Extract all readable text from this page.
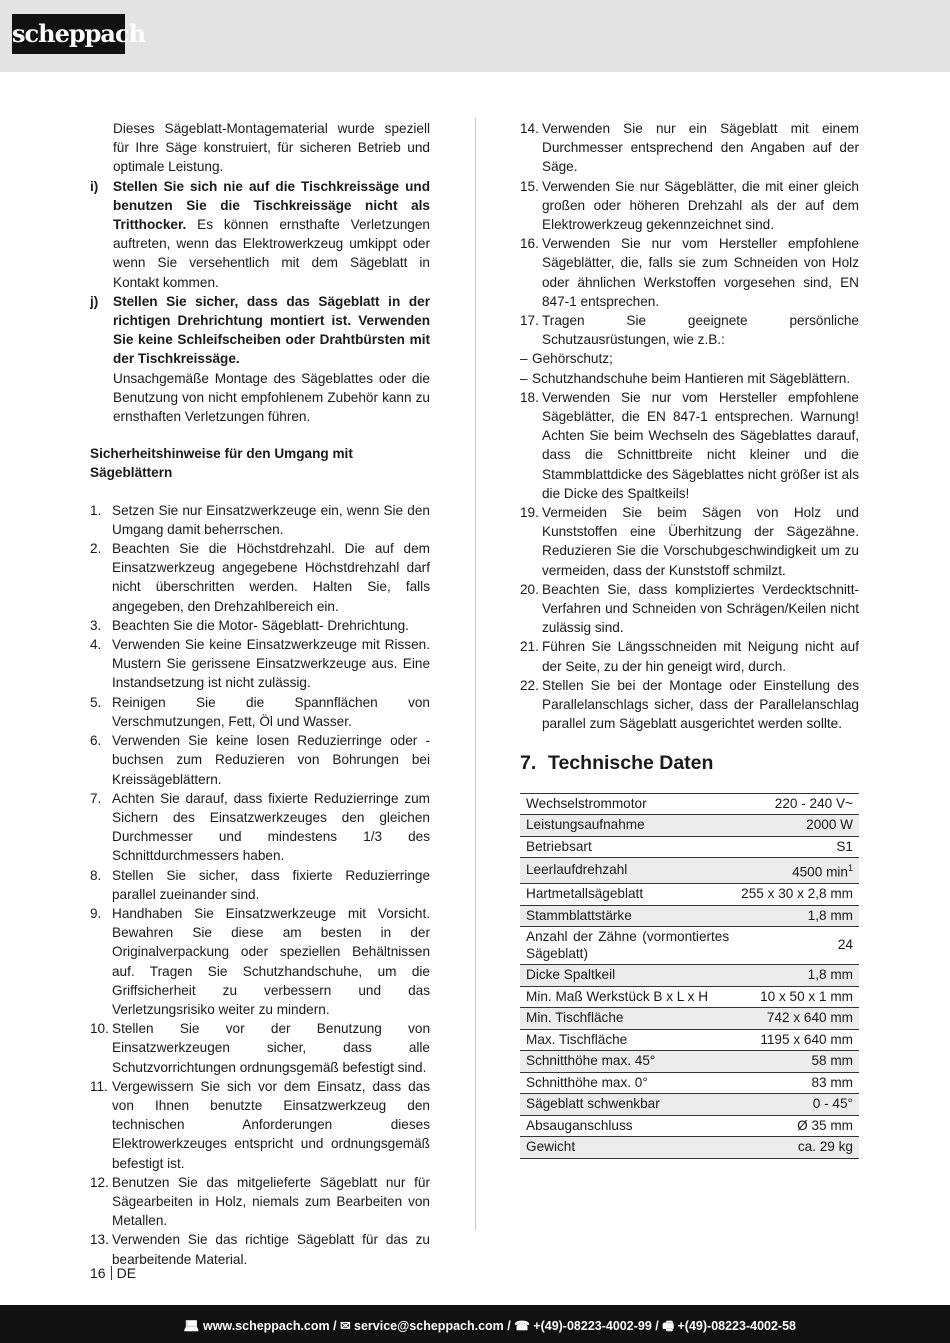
scheppach

Dieses Sägeblatt-Montagematerial wurde speziell für Ihre Säge konstruiert, für sicheren Betrieb und optimale Leistung.

i)	Stellen Sie sich nie auf die Tischkreissäge und benutzen Sie die Tischkreissäge nicht als Tritthocker. Es können ernsthafte Verletzungen auftreten, wenn das Elektrowerkzeug umkippt oder wenn Sie versehentlich mit dem Sägeblatt in Kontakt kommen.
j)	Stellen Sie sicher, dass das Sägeblatt in der richtigen Drehrichtung montiert ist. Verwenden Sie keine Schleifscheiben oder Drahtbürsten mit der Tischkreissäge.

Unsachgemäße Montage des Sägeblattes oder die Benutzung von nicht empfohlenem Zubehör kann zu ernsthaften Verletzungen führen.

Sicherheitshinweise für den Umgang mit Sägeblättern
1. Setzen Sie nur Einsatzwerkzeuge ein, wenn Sie den Umgang damit beherrschen.
2. Beachten Sie die Höchstdrehzahl. Die auf dem Einsatzwerkzeug angegebene Höchstdrehzahl darf nicht überschritten werden. Halten Sie, falls angegeben, den Drehzahlbereich ein.
3. Beachten Sie die Motor- Sägeblatt- Drehrichtung.
4. Verwenden Sie keine Einsatzwerkzeuge mit Rissen. Mustern Sie gerissene Einsatzwerkzeuge aus. Eine Instandsetzung ist nicht zulässig.
5. Reinigen Sie die Spannflächen von Verschmutzungen, Fett, Öl und Wasser.
6. Verwenden Sie keine losen Reduzierringe oder -buchsen zum Reduzieren von Bohrungen bei Kreissägeblättern.
7. Achten Sie darauf, dass fixierte Reduzierringe zum Sichern des Einsatzwerkzeuges den gleichen Durchmesser und mindestens 1/3 des Schnittdurchmessers haben.
8. Stellen Sie sicher, dass fixierte Reduzierringe parallel zueinander sind.
9. Handhaben Sie Einsatzwerkzeuge mit Vorsicht. Bewahren Sie diese am besten in der Originalverpackung oder speziellen Behältnissen auf. Tragen Sie Schutzhandschuhe, um die Griffsicherheit zu verbessern und das Verletzungsrisiko weiter zu mindern.
10. Stellen Sie vor der Benutzung von Einsatzwerkzeugen sicher, dass alle Schutzvorrichtungen ordnungsgemäß befestigt sind.
11. Vergewissern Sie sich vor dem Einsatz, dass das von Ihnen benutzte Einsatzwerkzeug den technischen Anforderungen dieses Elektrowerkzeuges entspricht und ordnungsgemäß befestigt ist.
12. Benutzen Sie das mitgelieferte Sägeblatt nur für Sägearbeiten in Holz, niemals zum Bearbeiten von Metallen.
13. Verwenden Sie das richtige Sägeblatt für das zu bearbeitende Material.
14. Verwenden Sie nur ein Sägeblatt mit einem Durchmesser entsprechend den Angaben auf der Säge.
15. Verwenden Sie nur Sägeblätter, die mit einer gleich großen oder höheren Drehzahl als der auf dem Elektrowerkzeug gekennzeichnet sind.
16. Verwenden Sie nur vom Hersteller empfohlene Sägeblätter, die, falls sie zum Schneiden von Holz oder ähnlichen Werkstoffen vorgesehen sind, EN 847-1 entsprechen.
17. Tragen Sie geeignete persönliche Schutzausrüstungen, wie z.B.:
– Gehörschutz;
– Schutzhandschuhe beim Hantieren mit Sägeblättern.
18. Verwenden Sie nur vom Hersteller empfohlene Sägeblätter, die EN 847-1 entsprechen. Warnung! Achten Sie beim Wechseln des Sägeblattes darauf, dass die Schnittbreite nicht kleiner und die Stammblattdicke des Sägeblattes nicht größer ist als die Dicke des Spaltkeils!
19. Vermeiden Sie beim Sägen von Holz und Kunststoffen eine Überhitzung der Sägezähne. Reduzieren Sie die Vorschubgeschwindigkeit um zu vermeiden, dass der Kunststoff schmilzt.
20. Beachten Sie, dass kompliziertes Verdecktschnitt-Verfahren und Schneiden von Schrägen/Keilen nicht zulässig sind.
21. Führen Sie Längsschneiden mit Neigung nicht auf der Seite, zu der hin geneigt wird, durch.
22. Stellen Sie bei der Montage oder Einstellung des Parallelanschlags sicher, dass der Parallelanschlag parallel zum Sägeblatt ausgerichtet werden sollte.
7. Technische Daten
Wechselstrommotor	220 - 240 V~
Leistungsaufnahme	2000 W
Betriebsart	S1
Leerlaufdrehzahl	4500 $\min^1$
Hartmetallsägeblatt	255 x 30 x 2,8 mm
Stammblattstärke	1,8 mm
Anzahl der Zähne (vormontiertes Sägeblatt)	24
Dicke Spaltkeil	1,8 mm
Min. Maß Werkstück B x L x H	10 x 50 x 1 mm
Min. Tischfläche	742 x 640 mm
Max. Tischfläche	1195 x 640 mm
Schnitthöhe max. 45°	58 mm
Schnitthöhe max. 0°	83 mm
Sägeblatt schwenkbar	0 - 45°
Absauganschluss	Ø 35 mm
Gewicht	ca. 29 kg
16 DE
💻︎ www.scheppach.com / ✉︎ service@scheppach.com / ☎︎ +(49)-08223-4002-99 / 🖷︎ +(49)-08223-4002-58
